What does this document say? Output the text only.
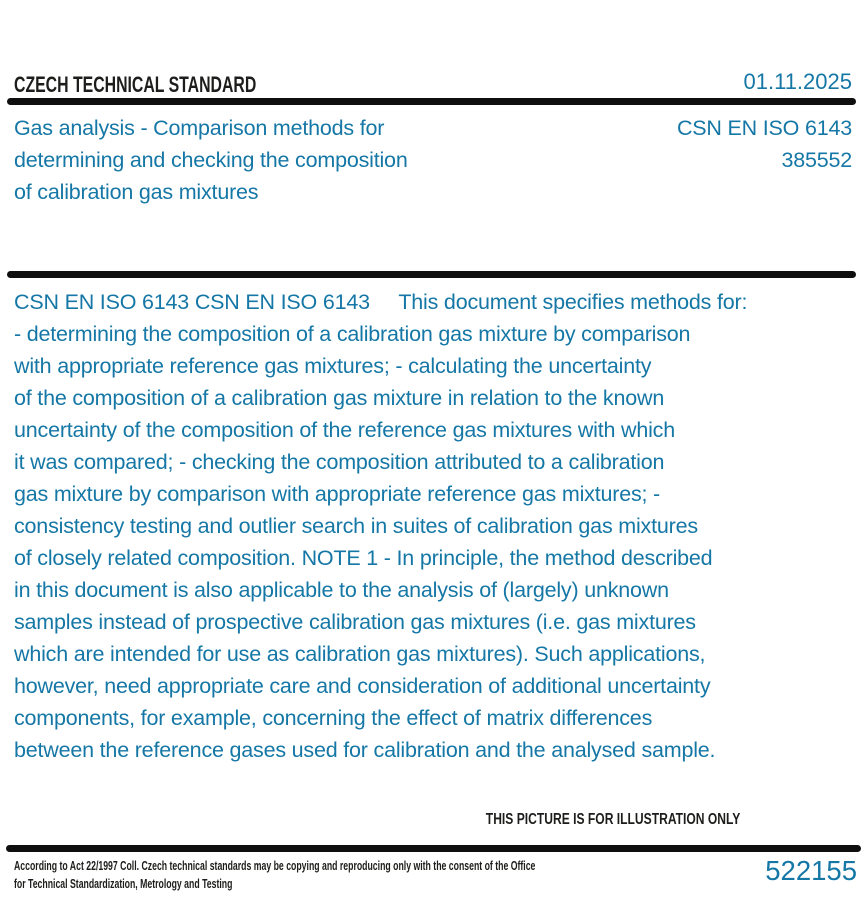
CZECH TECHNICAL STANDARD	01.11.2025
Gas analysis - Comparison methods for
determining and checking the composition
of calibration gas mixtures
CSN EN ISO 6143
385552
CSN EN ISO 6143 CSN EN ISO 6143     This document specifies methods for:
- determining the composition of a calibration gas mixture by comparison
with appropriate reference gas mixtures; - calculating the uncertainty
of the composition of a calibration gas mixture in relation to the known
uncertainty of the composition of the reference gas mixtures with which
it was compared; - checking the composition attributed to a calibration
gas mixture by comparison with appropriate reference gas mixtures; -
consistency testing and outlier search in suites of calibration gas mixtures
of closely related composition. NOTE 1 - In principle, the method described
in this document is also applicable to the analysis of (largely) unknown
samples instead of prospective calibration gas mixtures (i.e. gas mixtures
which are intended for use as calibration gas mixtures). Such applications,
however, need appropriate care and consideration of additional uncertainty
components, for example, concerning the effect of matrix differences
between the reference gases used for calibration and the analysed sample.
THIS PICTURE IS FOR ILLUSTRATION ONLY
According to Act 22/1997 Coll. Czech technical standards may be copying and reproducing only with the consent of the Office
for Technical Standardization, Metrology and Testing	522155
